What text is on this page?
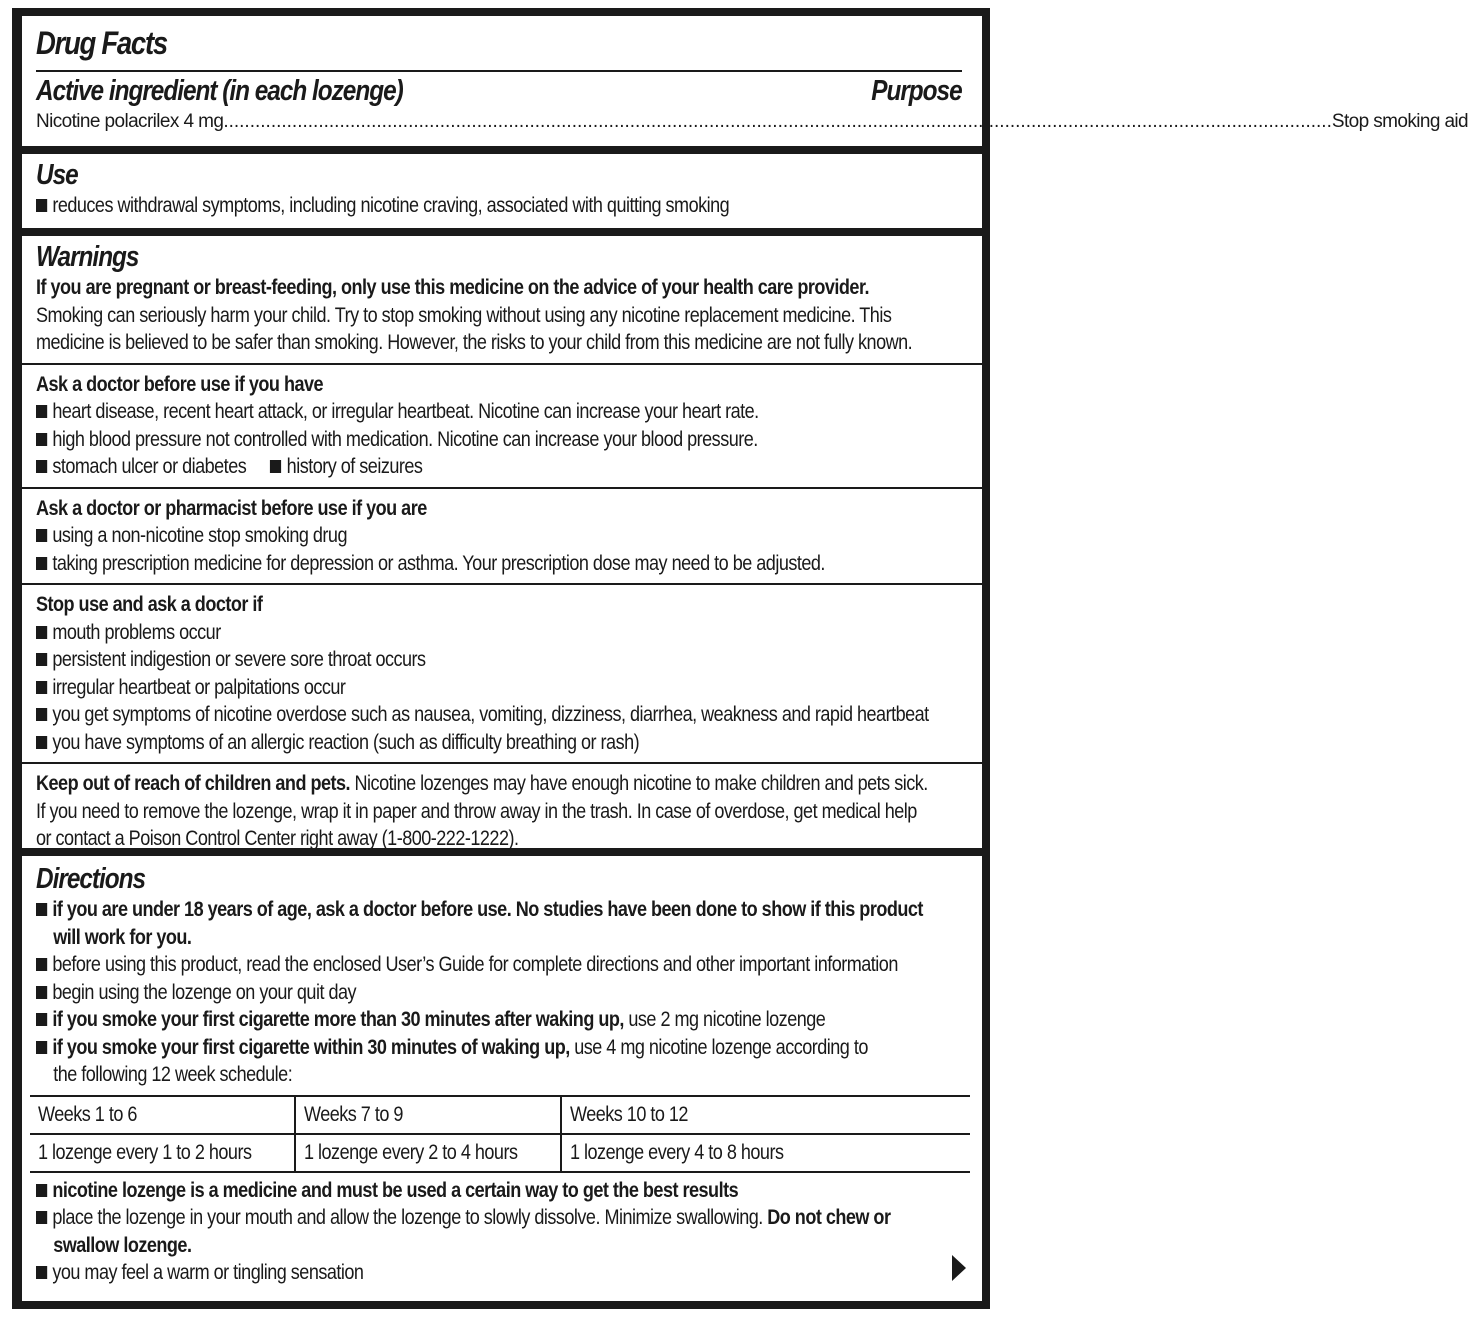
Drug Facts
Active ingredient (in each lozenge)	Purpose
Nicotine polacrilex 4 mg .................................................................................................................................................................................................................. Stop smoking aid
Use
reduces withdrawal symptoms, including nicotine craving, associated with quitting smoking
Warnings
If you are pregnant or breast-feeding, only use this medicine on the advice of your health care provider.
Smoking can seriously harm your child. Try to stop smoking without using any nicotine replacement medicine. This
medicine is believed to be safer than smoking. However, the risks to your child from this medicine are not fully known.
Ask a doctor before use if you have
heart disease, recent heart attack, or irregular heartbeat. Nicotine can increase your heart rate.
high blood pressure not controlled with medication. Nicotine can increase your blood pressure.
stomach ulcer or diabetes history of seizures
Ask a doctor or pharmacist before use if you are
using a non-nicotine stop smoking drug
taking prescription medicine for depression or asthma. Your prescription dose may need to be adjusted.
Stop use and ask a doctor if
mouth problems occur
persistent indigestion or severe sore throat occurs
irregular heartbeat or palpitations occur
you get symptoms of nicotine overdose such as nausea, vomiting, dizziness, diarrhea, weakness and rapid heartbeat
you have symptoms of an allergic reaction (such as difficulty breathing or rash)
Keep out of reach of children and pets. Nicotine lozenges may have enough nicotine to make children and pets sick.
If you need to remove the lozenge, wrap it in paper and throw away in the trash. In case of overdose, get medical help
or contact a Poison Control Center right away (1-800-222-1222).
Directions
if you are under 18 years of age, ask a doctor before use. No studies have been done to show if this product
will work for you.
before using this product, read the enclosed User’s Guide for complete directions and other important information
begin using the lozenge on your quit day
if you smoke your first cigarette more than 30 minutes after waking up, use 2 mg nicotine lozenge
if you smoke your first cigarette within 30 minutes of waking up, use 4 mg nicotine lozenge according to
the following 12 week schedule:
Weeks 1 to 6	Weeks 7 to 9	Weeks 10 to 12
1 lozenge every 1 to 2 hours	1 lozenge every 2 to 4 hours	1 lozenge every 4 to 8 hours
nicotine lozenge is a medicine and must be used a certain way to get the best results
place the lozenge in your mouth and allow the lozenge to slowly dissolve. Minimize swallowing. Do not chew or
swallow lozenge.
you may feel a warm or tingling sensation
